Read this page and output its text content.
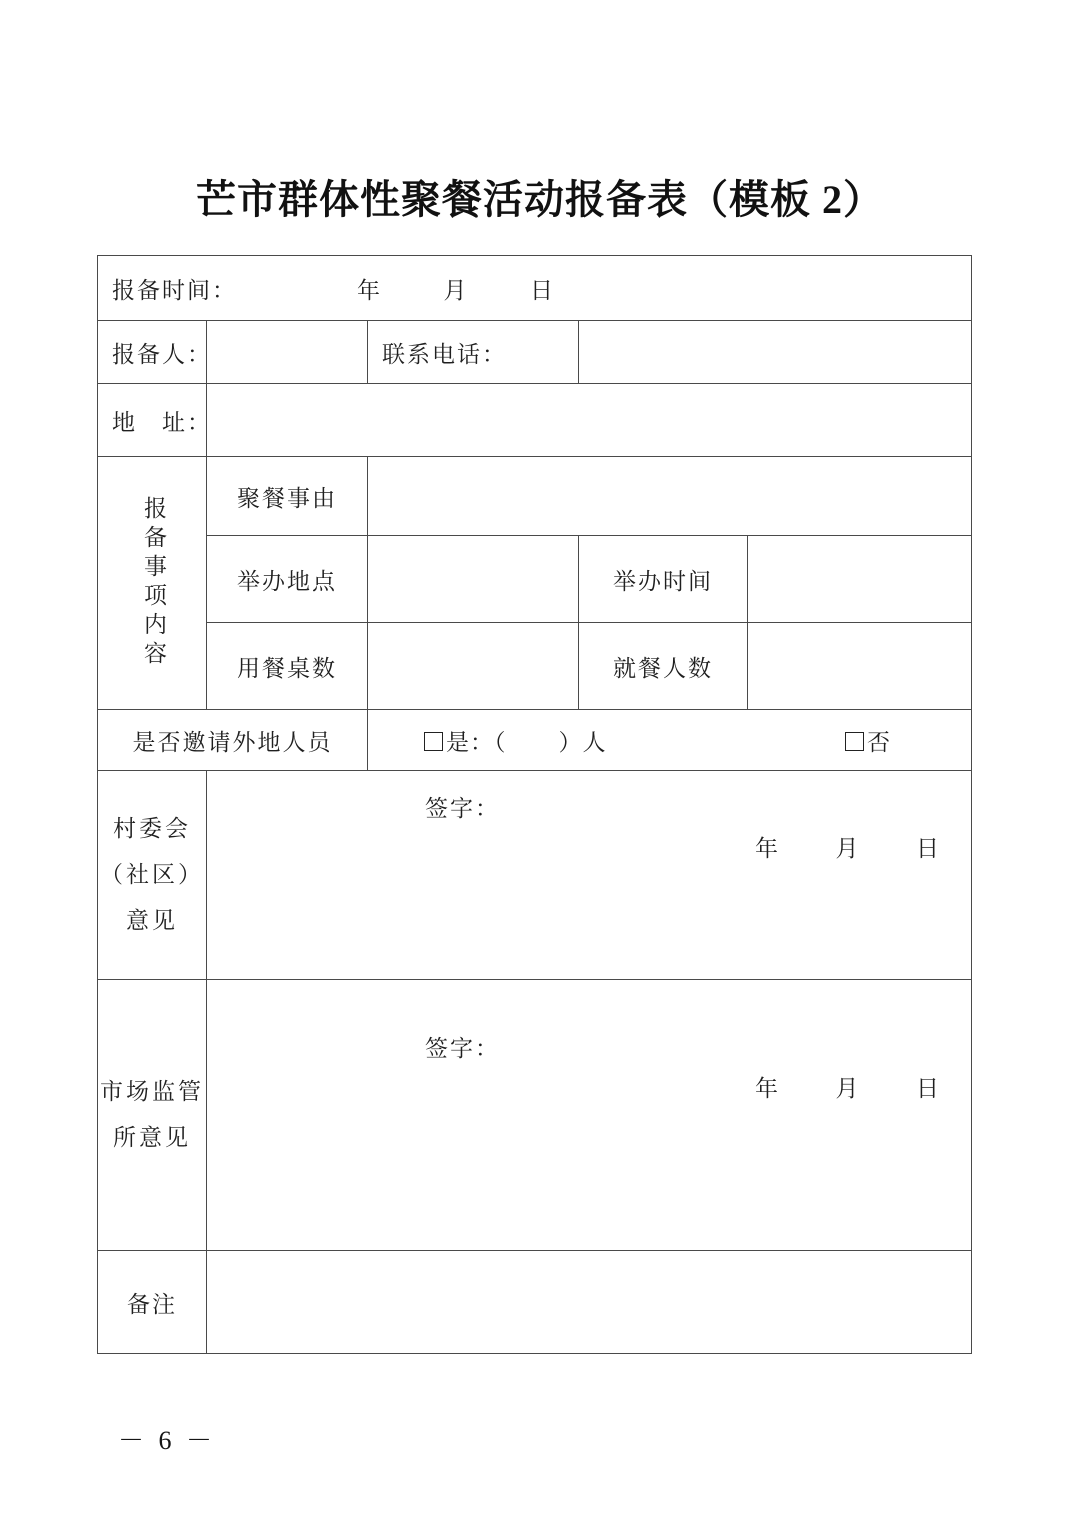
芒市群体性聚餐活动报备表（模板 2）
报备时间： 年 月 日				

报备人：		联系电话：		

地　址：				

报备事项内容	聚餐事由			

	举办地点		举办时间	

	用餐桌数		就餐人数	

是否邀请外地人员		是：（ ）人 否		

村委会
（社区）
意见

签字：
年 月 日

市场监管
所意见

签字：
年 月 日

备注				

－ 6 －
